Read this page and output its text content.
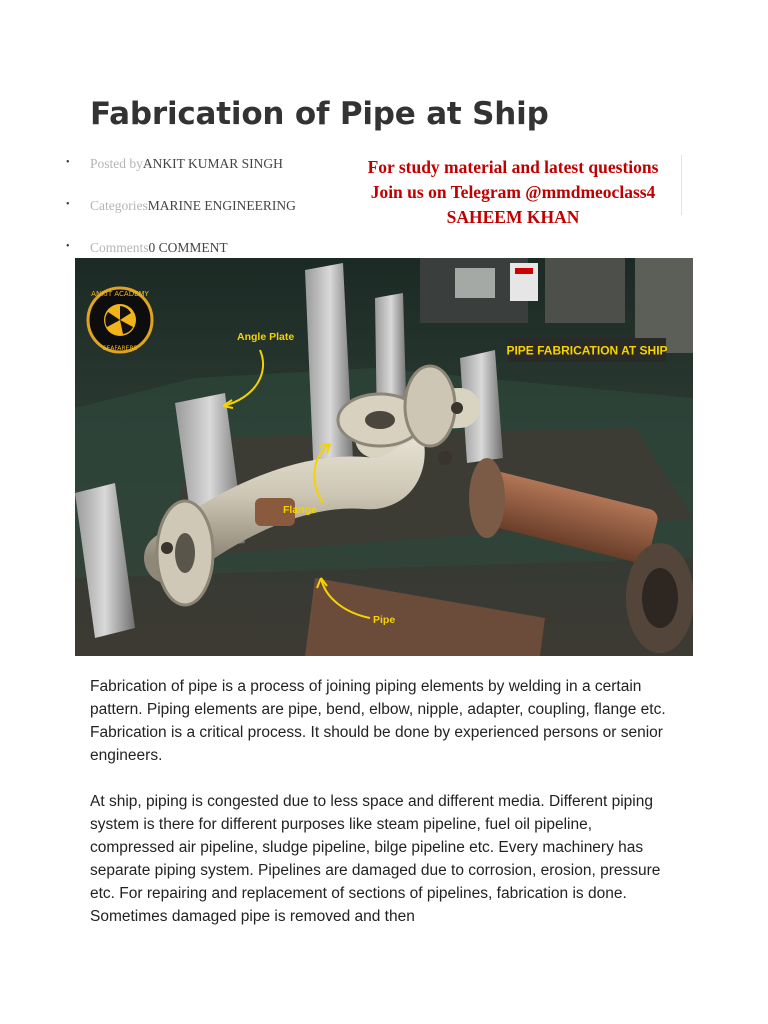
Fabrication of Pipe at Ship
• Posted byANKIT KUMAR SINGH
• CategoriesMARINE ENGINEERING
• Comments0 COMMENT
For study material and latest questions
Join us on Telegram @mmdmeoclass4
SAHEEM KHAN
ANKIT ACADEMY
SEAFARERS	PIPE FABRICATION AT SHIP
Angle Plate
Flange
Pipe

Fabrication of pipe is a process of joining piping elements by welding in a certain pattern. Piping elements are pipe, bend, elbow, nipple, adapter, coupling, flange etc. Fabrication is a critical process. It should be done by experienced persons or senior engineers.

At ship, piping is congested due to less space and different media. Different piping system is there for different purposes like steam pipeline, fuel oil pipeline, compressed air pipeline, sludge pipeline, bilge pipeline etc. Every machinery has separate piping system. Pipelines are damaged due to corrosion, erosion, pressure etc. For repairing and replacement of sections of pipelines, fabrication is done. Sometimes damaged pipe is removed and then
